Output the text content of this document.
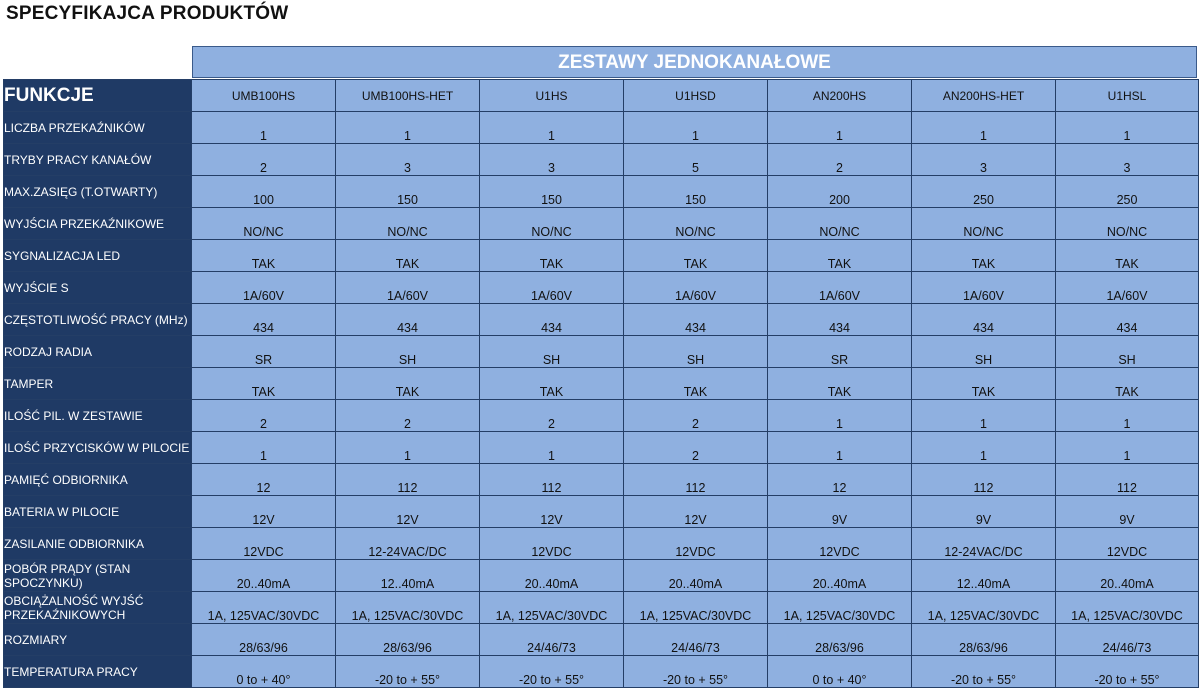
SPECYFIKAJCA PRODUKTÓW
ZESTAWY JEDNOKANAŁOWE
FUNKCJE	UMB100HS	UMB100HS-HET	U1HS	U1HSD	AN200HS	AN200HS-HET	U1HSL
LICZBA PRZEKAŹNIKÓW	1	1	1	1	1	1	1
TRYBY PRACY KANAŁÓW	2	3	3	5	2	3	3
MAX.ZASIĘG (T.OTWARTY)	100	150	150	150	200	250	250
WYJŚCIA PRZEKAŹNIKOWE	NO/NC	NO/NC	NO/NC	NO/NC	NO/NC	NO/NC	NO/NC
SYGNALIZACJA LED	TAK	TAK	TAK	TAK	TAK	TAK	TAK
WYJŚCIE S	1A/60V	1A/60V	1A/60V	1A/60V	1A/60V	1A/60V	1A/60V
CZĘSTOTLIWOŚĆ PRACY (MHz)	434	434	434	434	434	434	434
RODZAJ RADIA	SR	SH	SH	SH	SR	SH	SH
TAMPER	TAK	TAK	TAK	TAK	TAK	TAK	TAK
ILOŚĆ PIL. W ZESTAWIE	2	2	2	2	1	1	1
ILOŚĆ PRZYCISKÓW W PILOCIE	1	1	1	2	1	1	1
PAMIĘĆ ODBIORNIKA	12	112	112	112	12	112	112
BATERIA W PILOCIE	12V	12V	12V	12V	9V	9V	9V
ZASILANIE ODBIORNIKA	12VDC	12-24VAC/DC	12VDC	12VDC	12VDC	12-24VAC/DC	12VDC
POBÓR PRĄDY (STAN SPOCZYNKU)	20..40mA	12..40mA	20..40mA	20..40mA	20..40mA	12..40mA	20..40mA
OBCIĄŻALNOŚĆ WYJŚĆ PRZEKAŹNIKOWYCH	1A, 125VAC/30VDC	1A, 125VAC/30VDC	1A, 125VAC/30VDC	1A, 125VAC/30VDC	1A, 125VAC/30VDC	1A, 125VAC/30VDC	1A, 125VAC/30VDC
ROZMIARY	28/63/96	28/63/96	24/46/73	24/46/73	28/63/96	28/63/96	24/46/73
TEMPERATURA PRACY	0 to + 40°	-20 to + 55°	-20 to + 55°	-20 to + 55°	0 to + 40°	-20 to + 55°	-20 to + 55°
